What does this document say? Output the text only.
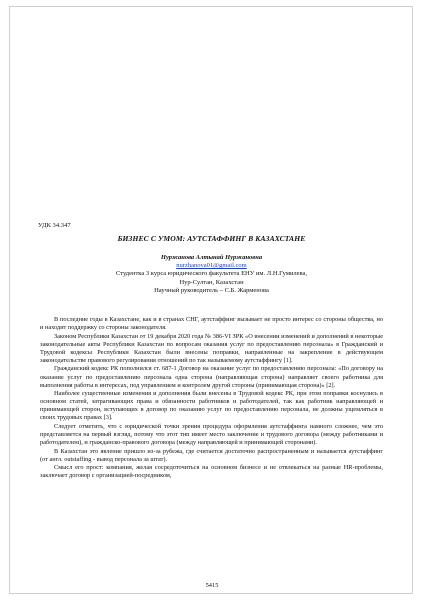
УДК 34.347
БИЗНЕС С УМОМ: АУТСТАФФИНГ В КАЗАХСТАНЕ
Нуржанова Алтынай Нуржановна
nurzhanova01@gmail.com
Студентка 3 курса юридического факультета ЕНУ им. Л.Н.Гумилева,
Нур-Султан, Казахстан
Научный руководитель – С.Б. Жарменова

В последние годы в Казахстане, как и в странах СНГ, аутстаффинг вызывает не просто интерес со стороны общества, но и находит поддержку со стороны законодателя.

Законом Республики Казахстан от 19 декабря 2020 года № 386-VI ЗРК «О внесении изменений и дополнений в некоторые законодательные акты Республики Казахстан по вопросам оказания услуг по предоставлению персонала» в Гражданский и Трудовой кодексы Республики Казахстан были внесены поправки, направленные на закрепление в действующем законодательстве правового регулирования отношений по так называемому аутстаффингу [1].

Гражданский кодекс РК пополнился ст. 687-1 Договор на оказание услуг по предоставлению персонала: «По договору на оказание услуг по предоставлению персонала одна сторона (направляющая сторона) направляет своего работника для выполнения работы в интересах, под управлением и контролем другой стороны (принимающая сторона)» [2].

Наиболее существенные изменения и дополнения были внесены в Трудовой кодекс РК, при этом поправки коснулись в основном статей, затрагивающих права и обязанности работников и работодателей, так как работник направляющей и принимающей сторон, вступающих в договор по оказанию услуг по предоставлению персонала, не должны ущемляться в своих трудовых правах [3].

Следует отметить, что с юридической точки зрения процедура оформления аутстаффинга намного сложнее, чем это представляется на первый взгляд, потому что этот тип имеет место заключение и трудового договора (между работниками и работодателем), и гражданско-правового договора (между направляющей и принимающей сторонами).

В Казахстан это явление пришло из-за рубежа, где считается достаточно распространенным и называется аутстаффинг (от англ. outstaffing - вывод персонала за штат).

Смысл его прост: компания, желая сосредоточиться на основном бизнесе и не отвлекаться на разные HR-проблемы, заключает договор с организацией-посредником,

5415
